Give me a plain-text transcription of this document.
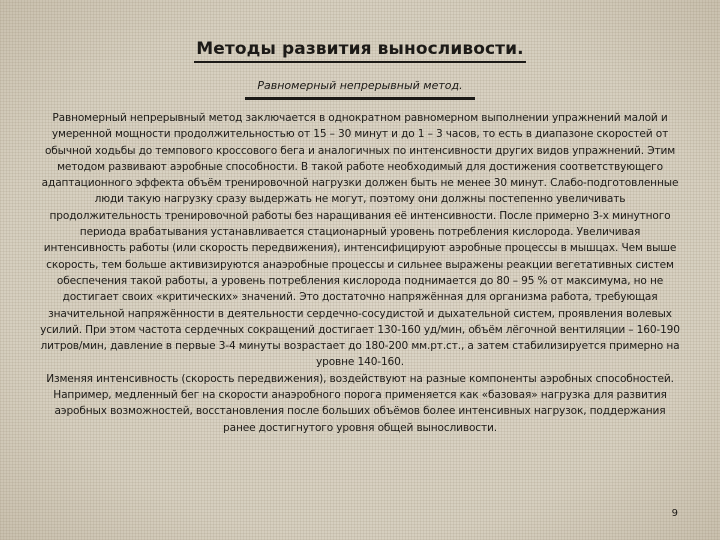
Методы развития выносливости.
Равномерный непрерывный метод.

Равномерный непрерывный метод заключается в однократном равномерном выполнении упражнений малой и умеренной мощности продолжительностью от 15 – 30 минут и до 1 – 3 часов, то есть в диапазоне скоростей от обычной ходьбы до темпового кроссового бега и аналогичных по интенсивности других видов упражнений. Этим методом развивают аэробные способности. В такой работе необходимый для достижения соответствующего адаптационного эффекта объём тренировочной нагрузки должен быть не менее 30 минут. Слабо-подготовленные люди такую нагрузку сразу выдержать не могут, поэтому они должны постепенно увеличивать продолжительность тренировочной работы без наращивания её интенсивности. После примерно 3-х минутного периода врабатывания устанавливается стационарный уровень потребления кислорода. Увеличивая интенсивность работы (или скорость передвижения), интенсифицируют аэробные процессы в мышцах. Чем выше скорость, тем больше активизируются анаэробные процессы и сильнее выражены реакции вегетативных систем обеспечения такой работы, а уровень потребления кислорода поднимается до 80 – 95 % от максимума, но не достигает своих «критических» значений. Это достаточно напряжённая для организма работа, требующая значительной напряжённости в деятельности сердечно-сосудистой и дыхательной систем, проявления волевых усилий. При этом частота сердечных сокращений достигает 130-160 уд/мин, объём лёгочной вентиляции – 160-190 литров/мин, давление в первые 3-4 минуты возрастает до 180-200 мм.рт.ст., а затем стабилизируется примерно на уровне 140-160.

Изменяя интенсивность (скорость передвижения), воздействуют на разные компоненты аэробных способностей. Например, медленный бег на скорости анаэробного порога применяется как «базовая» нагрузка для развития аэробных возможностей, восстановления после больших объёмов более интенсивных нагрузок, поддержания ранее достигнутого уровня общей выносливости.

9
